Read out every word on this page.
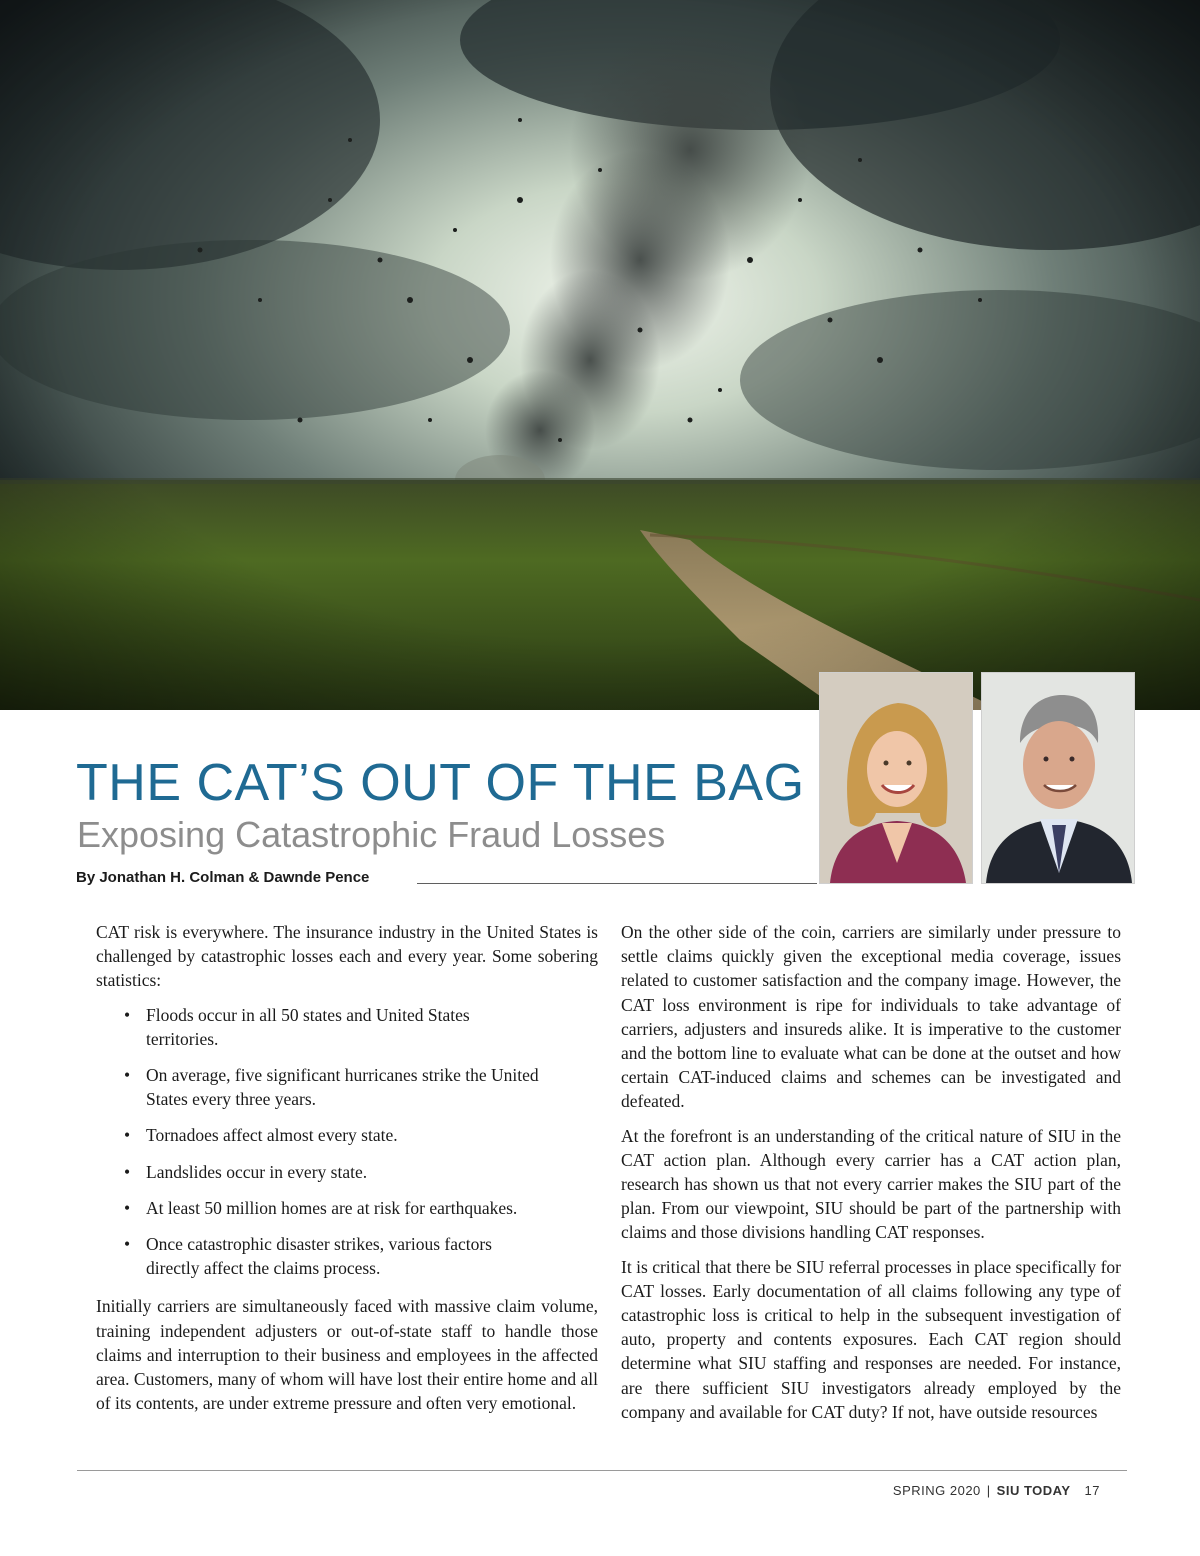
THE CAT’S OUT OF THE BAG
Exposing Catastrophic Fraud Losses
By Jonathan H. Colman & Dawnde Pence

CAT risk is everywhere. The insurance industry in the United States is challenged by catastrophic losses each and every year. Some sobering statistics:

• Floods occur in all 50 states and United States territories.
• On average, five significant hurricanes strike the United States every three years.
• Tornadoes affect almost every state.
• Landslides occur in every state.
• At least 50 million homes are at risk for earthquakes.
• Once catastrophic disaster strikes, various factors directly affect the claims process.

Initially carriers are simultaneously faced with massive claim volume, training independent adjusters or out-of-state staff to handle those claims and interruption to their business and employees in the affected area. Customers, many of whom will have lost their entire home and all of its contents, are under extreme pressure and often very emotional.

On the other side of the coin, carriers are similarly under pressure to settle claims quickly given the exceptional media coverage, issues related to customer satisfaction and the company image. However, the CAT loss environment is ripe for individuals to take advantage of carriers, adjusters and insureds alike. It is imperative to the customer and the bottom line to evaluate what can be done at the outset and how certain CAT-induced claims and schemes can be investigated and defeated.

At the forefront is an understanding of the critical nature of SIU in the CAT action plan. Although every carrier has a CAT action plan, research has shown us that not every carrier makes the SIU part of the plan. From our viewpoint, SIU should be part of the partnership with claims and those divisions handling CAT responses.

It is critical that there be SIU referral processes in place specifically for CAT losses. Early documentation of all claims following any type of catastrophic loss is critical to help in the subsequent investigation of auto, property and contents exposures. Each CAT region should determine what SIU staffing and responses are needed. For instance, are there sufficient SIU investigators already employed by the company and available for CAT duty? If not, have outside resources

SPRING 2020 | SIU TODAY 17
